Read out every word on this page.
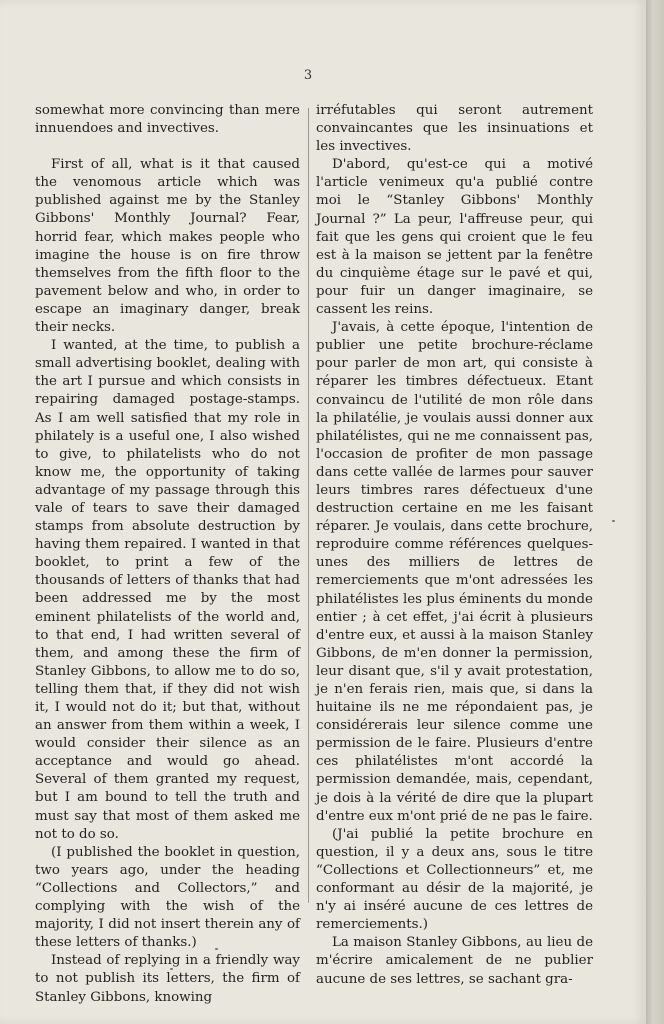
3

somewhat more convincing than mere innuendoes and invectives.

First of all, what is it that caused the venomous article which was published against me by the Stanley Gibbons' Monthly Journal? Fear, horrid fear, which makes people who imagine the house is on fire throw themselves from the fifth floor to the pavement below and who, in order to escape an imaginary danger, break their necks.

I wanted, at the time, to publish a small advertising booklet, dealing with the art I pursue and which consists in repairing damaged postage-stamps. As I am well satisfied that my role in philately is a useful one, I also wished to give, to philatelists who do not know me, the opportunity of taking advantage of my passage through this vale of tears to save their damaged stamps from absolute destruction by having them repaired. I wanted in that booklet, to print a few of the thousands of letters of thanks that had been addressed me by the most eminent philatelists of the world and, to that end, I had written several of them, and among these the firm of Stanley Gibbons, to allow me to do so, telling them that, if they did not wish it, I would not do it; but that, without an answer from them within a week, I would consider their silence as an acceptance and would go ahead. Several of them granted my request, but I am bound to tell the truth and must say that most of them asked me not to do so.

(I published the booklet in question, two years ago, under the heading “Collections and Collectors,” and complying with the wish of the majority, I did not insert therein any of these letters of thanks.)

Instead of replying in a friendly way to not publish its letters, the firm of Stanley Gibbons, knowing

irréfutables qui seront autrement convaincantes que les insinuations et les invectives.

D'abord, qu'est-ce qui a motivé l'article venimeux qu'a publié contre moi le “Stanley Gibbons' Monthly Journal ?” La peur, l'affreuse peur, qui fait que les gens qui croient que le feu est à la maison se jettent par la fenêtre du cinquième étage sur le pavé et qui, pour fuir un danger imaginaire, se cassent les reins.

J'avais, à cette époque, l'intention de publier une petite brochure-réclame pour parler de mon art, qui consiste à réparer les timbres défectueux. Etant convaincu de l'utilité de mon rôle dans la philatélie, je voulais aussi donner aux philatélistes, qui ne me connaissent pas, l'occasion de profiter de mon passage dans cette vallée de larmes pour sauver leurs timbres rares défectueux d'une destruction certaine en me les faisant réparer. Je voulais, dans cette brochure, reproduire comme références quelques-unes des milliers de lettres de remerciements que m'ont adressées les philatélistes les plus éminents du monde entier ; à cet effet, j'ai écrit à plusieurs d'entre eux, et aussi à la maison Stanley Gibbons, de m'en donner la permission, leur disant que, s'il y avait protestation, je n'en ferais rien, mais que, si dans la huitaine ils ne me répondaient pas, je considérerais leur silence comme une permission de le faire. Plusieurs d'entre ces philatélistes m'ont accordé la permission demandée, mais, cependant, je dois à la vérité de dire que la plupart d'entre eux m'ont prié de ne pas le faire.

(J'ai publié la petite brochure en question, il y a deux ans, sous le titre “Collections et Collectionneurs” et, me conformant au désir de la majorité, je n'y ai inséré aucune de ces lettres de remerciements.)

La maison Stanley Gibbons, au lieu de m'écrire amicalement de ne publier aucune de ses lettres, se sachant gra-
